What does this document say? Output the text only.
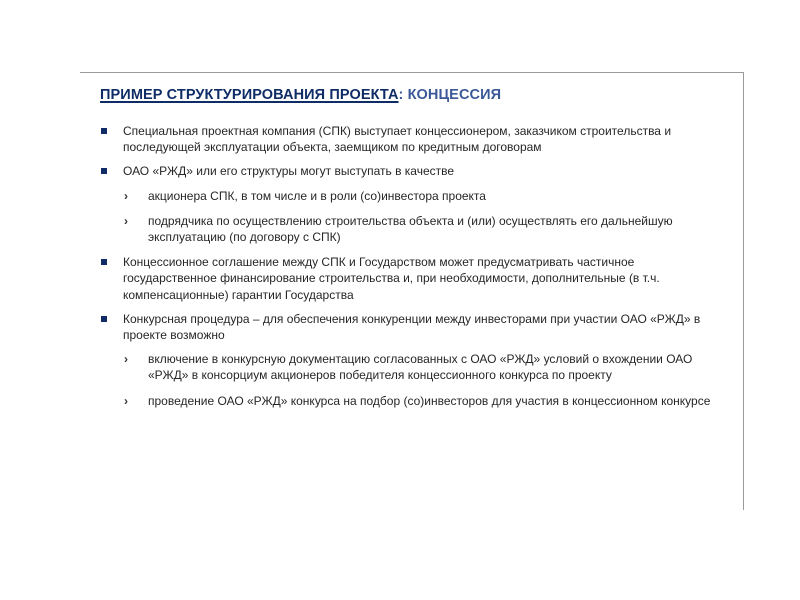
ПРИМЕР СТРУКТУРИРОВАНИЯ ПРОЕКТА: КОНЦЕССИЯ
Специальная проектная компания (СПК) выступает концессионером, заказчиком строительства и последующей эксплуатации объекта, заемщиком по кредитным договорам
ОАО «РЖД» или его структуры могут выступать в качестве
› акционера СПК, в том числе и в роли (со)инвестора проекта
› подрядчика по осуществлению строительства объекта и (или) осуществлять его дальнейшую эксплуатацию (по договору с СПК)
Концессионное соглашение между СПК и Государством может предусматривать частичное государственное финансирование строительства и, при необходимости, дополнительные (в т.ч. компенсационные) гарантии Государства
Конкурсная процедура – для обеспечения конкуренции между инвесторами при участии ОАО «РЖД» в проекте возможно
› включение в конкурсную документацию согласованных с ОАО «РЖД» условий о вхождении ОАО «РЖД» в консорциум акционеров победителя концессионного конкурса по проекту
› проведение ОАО «РЖД» конкурса на подбор (со)инвесторов для участия в концессионном конкурсе
